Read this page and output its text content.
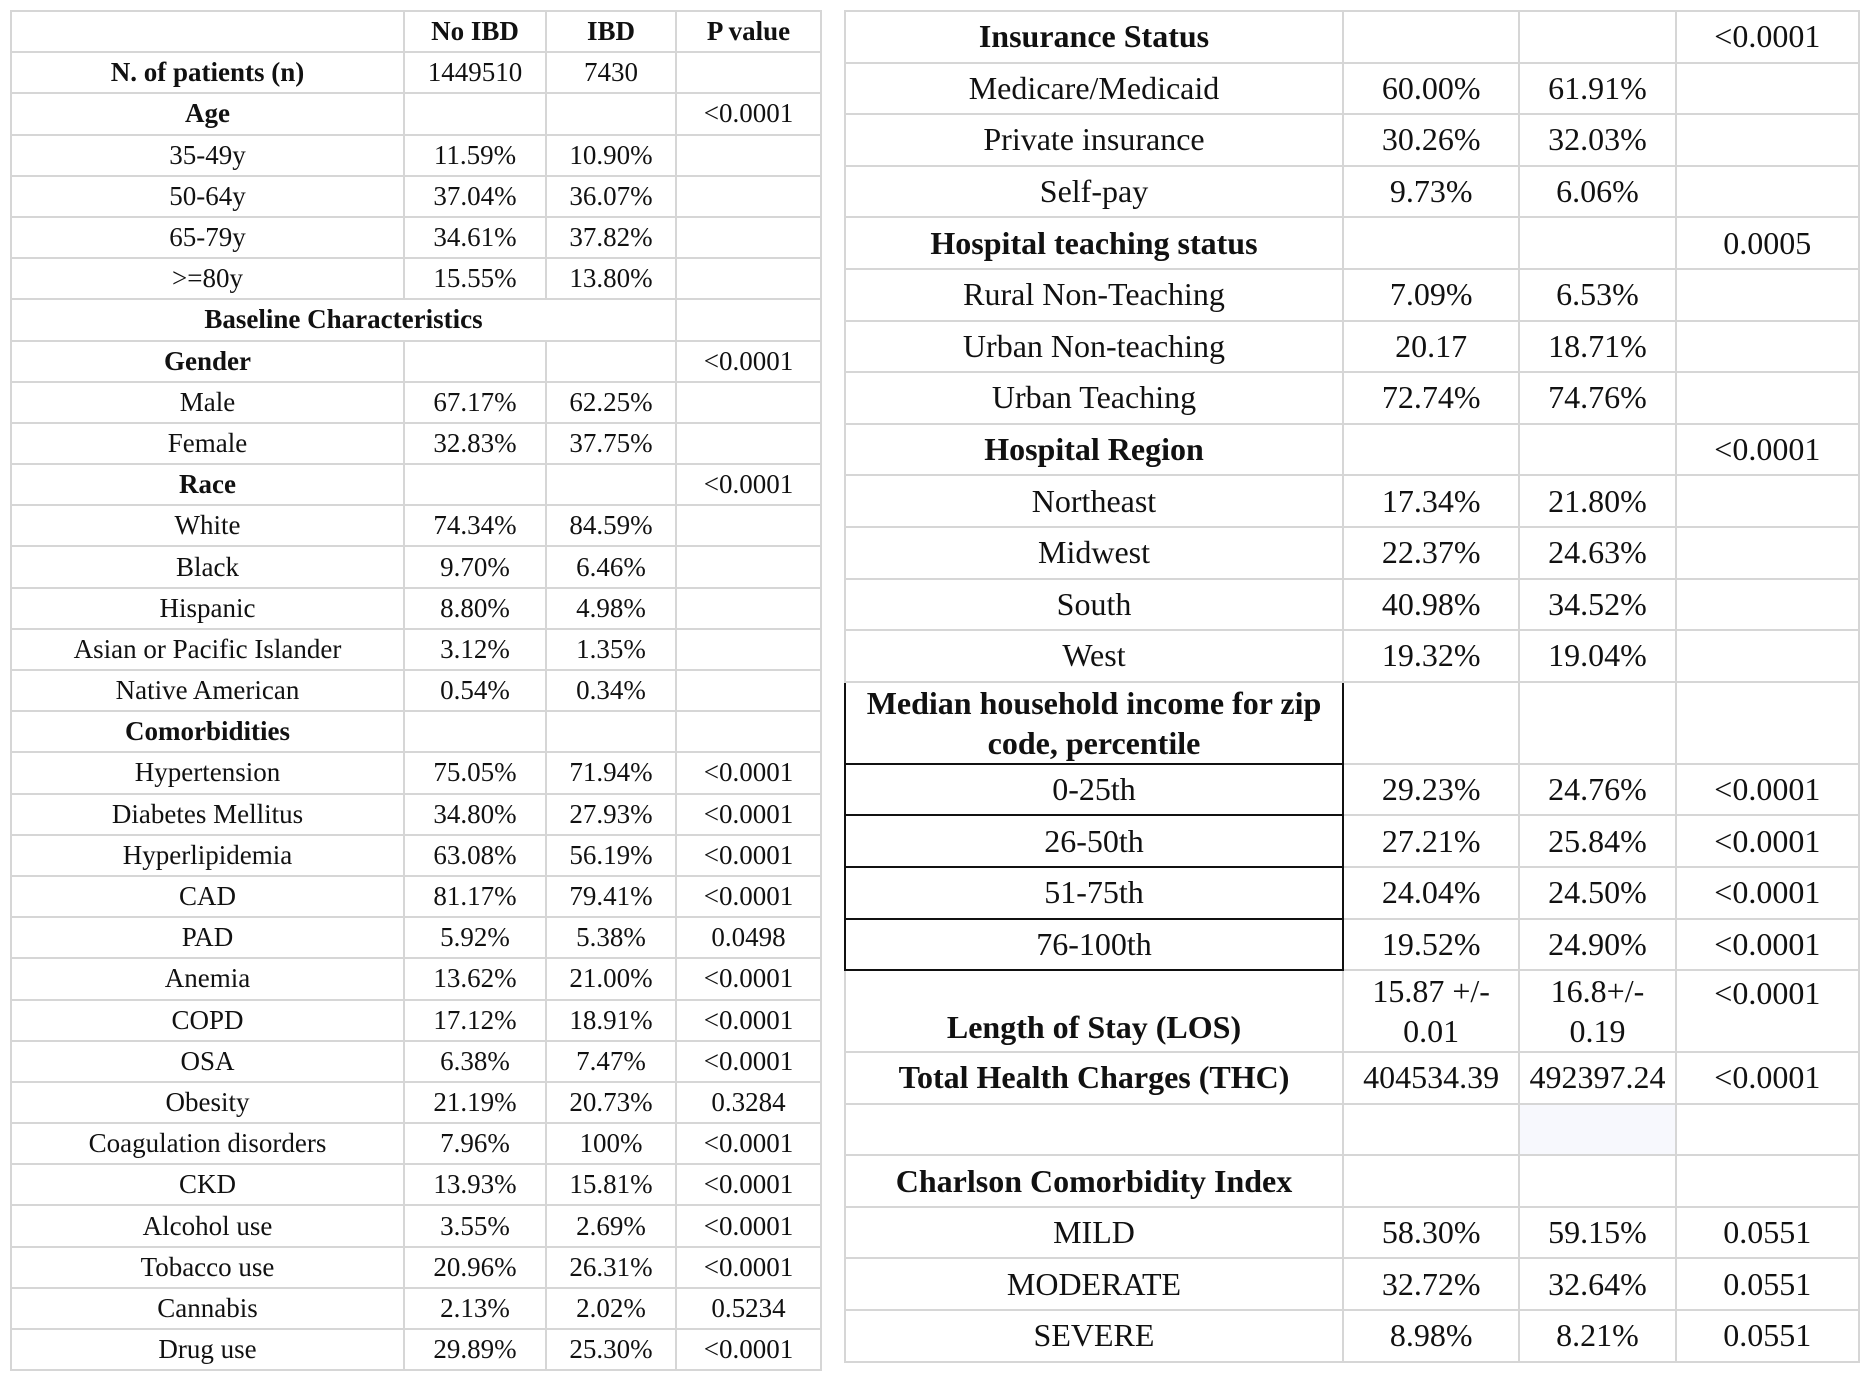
	No IBD	IBD	P value
N. of patients (n)	1449510	7430	
Age			<0.0001
35-49y	11.59%	10.90%	
50-64y	37.04%	36.07%	
65-79y	34.61%	37.82%	
>=80y	15.55%	13.80%	
Baseline Characteristics			
Gender			<0.0001
Male	67.17%	62.25%	
Female	32.83%	37.75%	
Race			<0.0001
White	74.34%	84.59%	
Black	9.70%	6.46%	
Hispanic	8.80%	4.98%	
Asian or Pacific Islander	3.12%	1.35%	
Native American	0.54%	0.34%	
Comorbidities			
Hypertension	75.05%	71.94%	<0.0001
Diabetes Mellitus	34.80%	27.93%	<0.0001
Hyperlipidemia	63.08%	56.19%	<0.0001
CAD	81.17%	79.41%	<0.0001
PAD	5.92%	5.38%	0.0498
Anemia	13.62%	21.00%	<0.0001
COPD	17.12%	18.91%	<0.0001
OSA	6.38%	7.47%	<0.0001
Obesity	21.19%	20.73%	0.3284
Coagulation disorders	7.96%	100%	<0.0001
CKD	13.93%	15.81%	<0.0001
Alcohol use	3.55%	2.69%	<0.0001
Tobacco use	20.96%	26.31%	<0.0001
Cannabis	2.13%	2.02%	0.5234
Drug use	29.89%	25.30%	<0.0001
Insurance Status			<0.0001
Medicare/Medicaid	60.00%	61.91%	
Private insurance	30.26%	32.03%	
Self-pay	9.73%	6.06%	
Hospital teaching status			0.0005
Rural Non-Teaching	7.09%	6.53%	
Urban Non-teaching	20.17	18.71%	
Urban Teaching	72.74%	74.76%	
Hospital Region			<0.0001
Northeast	17.34%	21.80%	
Midwest	22.37%	24.63%	
South	40.98%	34.52%	
West	19.32%	19.04%	
Median household income for zip code, percentile			
0-25th	29.23%	24.76%	<0.0001
26-50th	27.21%	25.84%	<0.0001
51-75th	24.04%	24.50%	<0.0001
76-100th	19.52%	24.90%	<0.0001
Length of Stay (LOS)	15.87 +/- 0.01	16.8+/- 0.19	<0.0001
Total Health Charges (THC)	404534.39	492397.24	<0.0001

Charlson Comorbidity Index			
MILD	58.30%	59.15%	0.0551
MODERATE	32.72%	32.64%	0.0551
SEVERE	8.98%	8.21%	0.0551
